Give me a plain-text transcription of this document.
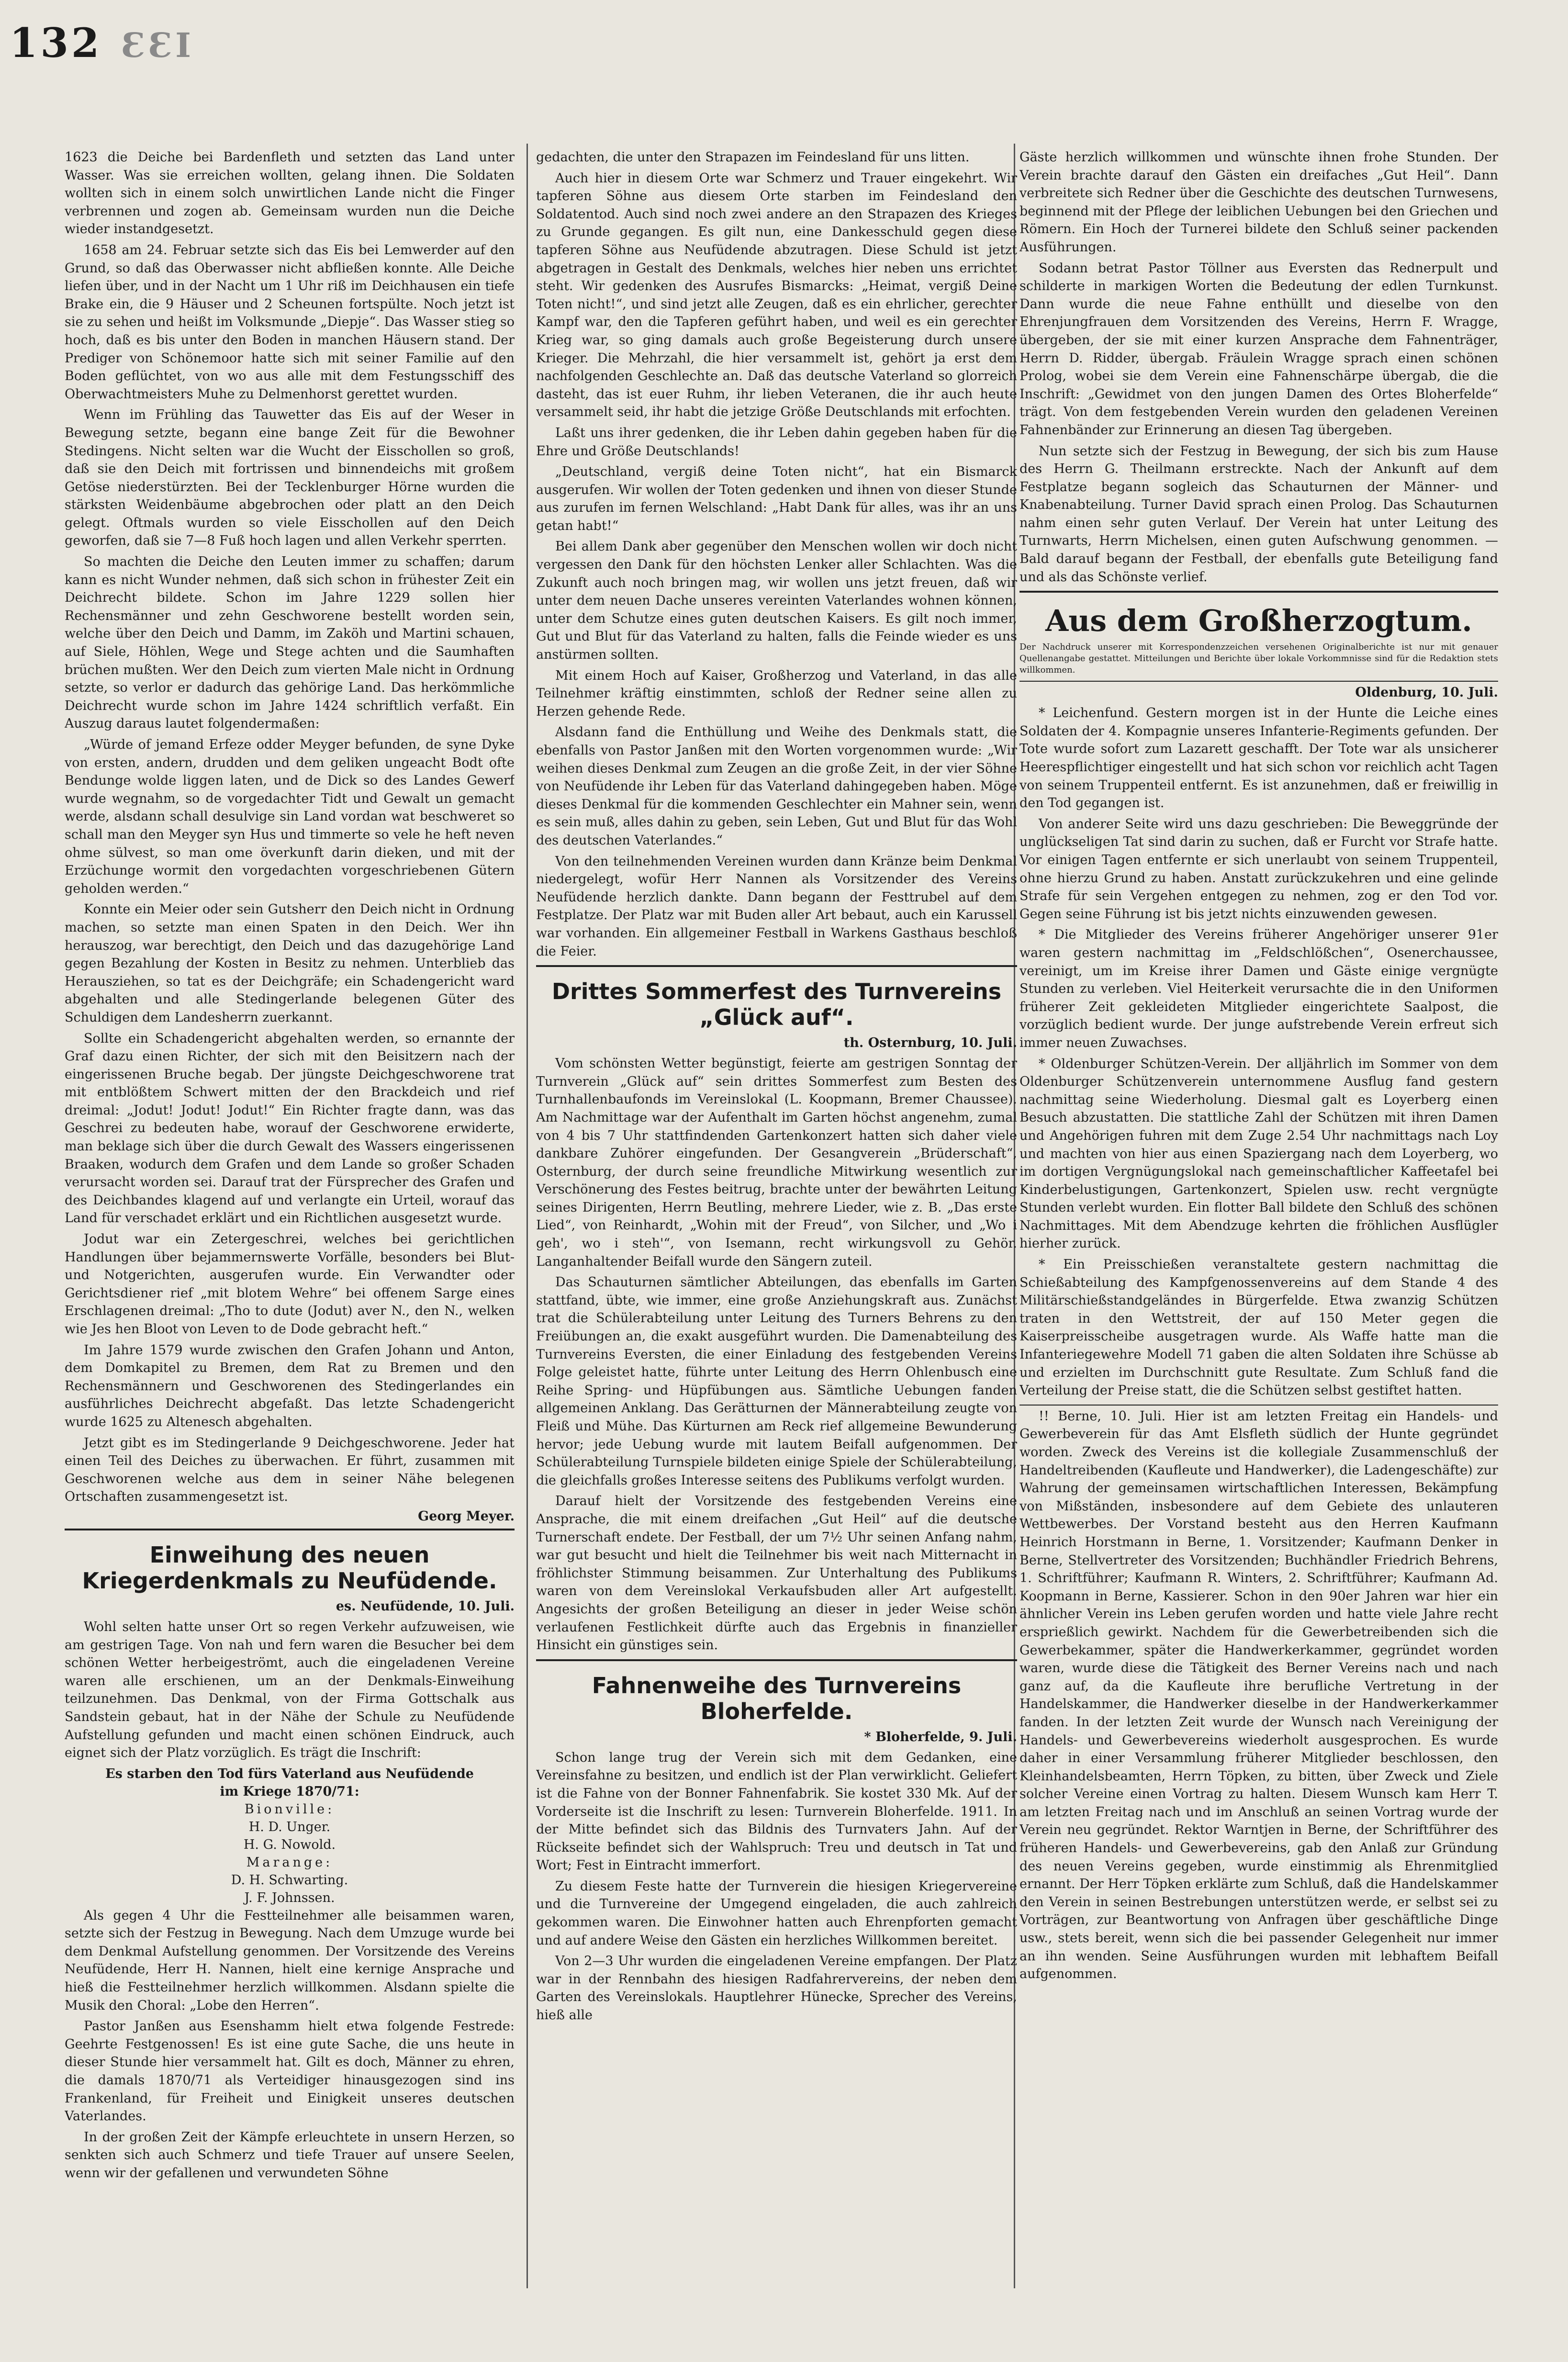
132 ƐƐI

1623 die Deiche bei Bardenfleth und setzten das Land unter Wasser. Was sie erreichen wollten, gelang ihnen. Die Soldaten wollten sich in einem solch unwirtlichen Lande nicht die Finger verbrennen und zogen ab. Gemeinsam wurden nun die Deiche wieder instandgesetzt.

1658 am 24. Februar setzte sich das Eis bei Lemwerder auf den Grund, so daß das Oberwasser nicht abfließen konnte. Alle Deiche liefen über, und in der Nacht um 1 Uhr riß im Deichhausen ein tiefe Brake ein, die 9 Häuser und 2 Scheunen fortspülte. Noch jetzt ist sie zu sehen und heißt im Volksmunde „Diepje“. Das Wasser stieg so hoch, daß es bis unter den Boden in manchen Häusern stand. Der Prediger von Schönemoor hatte sich mit seiner Familie auf den Boden geflüchtet, von wo aus alle mit dem Festungsschiff des Oberwachtmeisters Muhe zu Delmenhorst gerettet wurden.

Wenn im Frühling das Tauwetter das Eis auf der Weser in Bewegung setzte, begann eine bange Zeit für die Bewohner Stedingens. Nicht selten war die Wucht der Eisschollen so groß, daß sie den Deich mit fortrissen und binnendeichs mit großem Getöse niederstürzten. Bei der Tecklenburger Hörne wurden die stärksten Weidenbäume abgebrochen oder platt an den Deich gelegt. Oftmals wurden so viele Eisschollen auf den Deich geworfen, daß sie 7—8 Fuß hoch lagen und allen Verkehr sperrten.

So machten die Deiche den Leuten immer zu schaffen; darum kann es nicht Wunder nehmen, daß sich schon in frühester Zeit ein Deichrecht bildete. Schon im Jahre 1229 sollen hier Rechensmänner und zehn Geschworene bestellt worden sein, welche über den Deich und Damm, im Zaköh und Martini schauen, auf Siele, Höhlen, Wege und Stege achten und die Saumhaften brüchen mußten. Wer den Deich zum vierten Male nicht in Ordnung setzte, so verlor er dadurch das gehörige Land. Das herkömmliche Deichrecht wurde schon im Jahre 1424 schriftlich verfaßt. Ein Auszug daraus lautet folgendermaßen:

„Würde of jemand Erfeze odder Meyger befunden, de syne Dyke von ersten, andern, drudden und dem geliken ungeacht Bodt ofte Bendunge wolde liggen laten, und de Dick so des Landes Gewerf wurde wegnahm, so de vorgedachter Tidt und Gewalt un gemacht werde, alsdann schall desulvige sin Land vordan wat beschweret so schall man den Meyger syn Hus und timmerte so vele he heft neven ohme sülvest, so man ome överkunft darin dieken, und mit der Erzüchunge wormit den vorgedachten vorgeschriebenen Gütern geholden werden.“

Konnte ein Meier oder sein Gutsherr den Deich nicht in Ordnung machen, so setzte man einen Spaten in den Deich. Wer ihn herauszog, war berechtigt, den Deich und das dazugehörige Land gegen Bezahlung der Kosten in Besitz zu nehmen. Unterblieb das Herausziehen, so tat es der Deichgräfe; ein Schadengericht ward abgehalten und alle Stedingerlande belegenen Güter des Schuldigen dem Landesherrn zuerkannt.

Sollte ein Schadengericht abgehalten werden, so ernannte der Graf dazu einen Richter, der sich mit den Beisitzern nach der eingerissenen Bruche begab. Der jüngste Deichgeschworene trat mit entblößtem Schwert mitten der den Brackdeich und rief dreimal: „Jodut! Jodut! Jodut!“ Ein Richter fragte dann, was das Geschrei zu bedeuten habe, worauf der Geschworene erwiderte, man beklage sich über die durch Gewalt des Wassers eingerissenen Braaken, wodurch dem Grafen und dem Lande so großer Schaden verursacht worden sei. Darauf trat der Fürsprecher des Grafen und des Deichbandes klagend auf und verlangte ein Urteil, worauf das Land für verschadet erklärt und ein Richtlichen ausgesetzt wurde.

Jodut war ein Zetergeschrei, welches bei gerichtlichen Handlungen über bejammernswerte Vorfälle, besonders bei Blut- und Notgerichten, ausgerufen wurde. Ein Verwandter oder Gerichtsdiener rief „mit blotem Wehre“ bei offenem Sarge eines Erschlagenen dreimal: „Tho to dute (Jodut) aver N., den N., welken wie Jes hen Bloot von Leven to de Dode gebracht heft.“

Im Jahre 1579 wurde zwischen den Grafen Johann und Anton, dem Domkapitel zu Bremen, dem Rat zu Bremen und den Rechensmännern und Geschworenen des Stedingerlandes ein ausführliches Deichrecht abgefaßt. Das letzte Schadengericht wurde 1625 zu Altenesch abgehalten.

Jetzt gibt es im Stedingerlande 9 Deichgeschworene. Jeder hat einen Teil des Deiches zu überwachen. Er führt, zusammen mit Geschworenen welche aus dem in seiner Nähe belegenen Ortschaften zusammengesetzt ist.

Georg Meyer.
Einweihung des neuen Kriegerdenkmals zu Neufüdende.
es. Neufüdende, 10. Juli.

Wohl selten hatte unser Ort so regen Verkehr aufzuweisen, wie am gestrigen Tage. Von nah und fern waren die Besucher bei dem schönen Wetter herbeigeströmt, auch die eingeladenen Vereine waren alle erschienen, um an der Denkmals-Einweihung teilzunehmen. Das Denkmal, von der Firma Gottschalk aus Sandstein gebaut, hat in der Nähe der Schule zu Neufüdende Aufstellung gefunden und macht einen schönen Eindruck, auch eignet sich der Platz vorzüglich. Es trägt die Inschrift:

Es starben den Tod fürs Vaterland aus Neufüdende

im Kriege 1870/71:

Bionville:

H. D. Unger.

H. G. Nowold.

Marange:

D. H. Schwarting.

J. F. Johnssen.

Als gegen 4 Uhr die Festteilnehmer alle beisammen waren, setzte sich der Festzug in Bewegung. Nach dem Umzuge wurde bei dem Denkmal Aufstellung genommen. Der Vorsitzende des Vereins Neufüdende, Herr H. Nannen, hielt eine kernige Ansprache und hieß die Festteilnehmer herzlich willkommen. Alsdann spielte die Musik den Choral: „Lobe den Herren“.

Pastor Janßen aus Esenshamm hielt etwa folgende Festrede: Geehrte Festgenossen! Es ist eine gute Sache, die uns heute in dieser Stunde hier versammelt hat. Gilt es doch, Männer zu ehren, die damals 1870/71 als Verteidiger hinausgezogen sind ins Frankenland, für Freiheit und Einigkeit unseres deutschen Vaterlandes.

In der großen Zeit der Kämpfe erleuchtete in unsern Herzen, so senkten sich auch Schmerz und tiefe Trauer auf unsere Seelen, wenn wir der gefallenen und verwundeten Söhne

gedachten, die unter den Strapazen im Feindesland für uns litten.

Auch hier in diesem Orte war Schmerz und Trauer eingekehrt. Wir tapferen Söhne aus diesem Orte starben im Feindesland den Soldatentod. Auch sind noch zwei andere an den Strapazen des Krieges zu Grunde gegangen. Es gilt nun, eine Dankesschuld gegen diese tapferen Söhne aus Neufüdende abzutragen. Diese Schuld ist jetzt abgetragen in Gestalt des Denkmals, welches hier neben uns errichtet steht. Wir gedenken des Ausrufes Bismarcks: „Heimat, vergiß Deine Toten nicht!“, und sind jetzt alle Zeugen, daß es ein ehrlicher, gerechter Kampf war, den die Tapferen geführt haben, und weil es ein gerechter Krieg war, so ging damals auch große Begeisterung durch unsere Krieger. Die Mehrzahl, die hier versammelt ist, gehört ja erst dem nachfolgenden Geschlechte an. Daß das deutsche Vaterland so glorreich dasteht, das ist euer Ruhm, ihr lieben Veteranen, die ihr auch heute versammelt seid, ihr habt die jetzige Größe Deutschlands mit erfochten.

Laßt uns ihrer gedenken, die ihr Leben dahin gegeben haben für die Ehre und Größe Deutschlands!

„Deutschland, vergiß deine Toten nicht“, hat ein Bismarck ausgerufen. Wir wollen der Toten gedenken und ihnen von dieser Stunde aus zurufen im fernen Welschland: „Habt Dank für alles, was ihr an uns getan habt!“

Bei allem Dank aber gegenüber den Menschen wollen wir doch nicht vergessen den Dank für den höchsten Lenker aller Schlachten. Was die Zukunft auch noch bringen mag, wir wollen uns jetzt freuen, daß wir unter dem neuen Dache unseres vereinten Vaterlandes wohnen können, unter dem Schutze eines guten deutschen Kaisers. Es gilt noch immer, Gut und Blut für das Vaterland zu halten, falls die Feinde wieder es uns anstürmen sollten.

Mit einem Hoch auf Kaiser, Großherzog und Vaterland, in das alle Teilnehmer kräftig einstimmten, schloß der Redner seine allen zu Herzen gehende Rede.

Alsdann fand die Enthüllung und Weihe des Denkmals statt, die ebenfalls von Pastor Janßen mit den Worten vorgenommen wurde: „Wir weihen dieses Denkmal zum Zeugen an die große Zeit, in der vier Söhne von Neufüdende ihr Leben für das Vaterland dahingegeben haben. Möge dieses Denkmal für die kommenden Geschlechter ein Mahner sein, wenn es sein muß, alles dahin zu geben, sein Leben, Gut und Blut für das Wohl des deutschen Vaterlandes.“

Von den teilnehmenden Vereinen wurden dann Kränze beim Denkmal niedergelegt, wofür Herr Nannen als Vorsitzender des Vereins Neufüdende herzlich dankte. Dann begann der Festtrubel auf dem Festplatze. Der Platz war mit Buden aller Art bebaut, auch ein Karussell war vorhanden. Ein allgemeiner Festball in Warkens Gasthaus beschloß die Feier.

Drittes Sommerfest des Turnvereins „Glück auf“.
th. Osternburg, 10. Juli.

Vom schönsten Wetter begünstigt, feierte am gestrigen Sonntag der Turnverein „Glück auf“ sein drittes Sommerfest zum Besten des Turnhallenbaufonds im Vereinslokal (L. Koopmann, Bremer Chaussee). Am Nachmittage war der Aufenthalt im Garten höchst angenehm, zumal von 4 bis 7 Uhr stattfindenden Gartenkonzert hatten sich daher viele dankbare Zuhörer eingefunden. Der Gesangverein „Brüderschaft“, Osternburg, der durch seine freundliche Mitwirkung wesentlich zur Verschönerung des Festes beitrug, brachte unter der bewährten Leitung seines Dirigenten, Herrn Beutling, mehrere Lieder, wie z. B. „Das erste Lied“, von Reinhardt, „Wohin mit der Freud“, von Silcher, und „Wo i geh', wo i steh'“, von Isemann, recht wirkungsvoll zu Gehör. Langanhaltender Beifall wurde den Sängern zuteil.

Das Schauturnen sämtlicher Abteilungen, das ebenfalls im Garten stattfand, übte, wie immer, eine große Anziehungskraft aus. Zunächst trat die Schülerabteilung unter Leitung des Turners Behrens zu den Freiübungen an, die exakt ausgeführt wurden. Die Damenabteilung des Turnvereins Eversten, die einer Einladung des festgebenden Vereins Folge geleistet hatte, führte unter Leitung des Herrn Ohlenbusch eine Reihe Spring- und Hüpfübungen aus. Sämtliche Uebungen fanden allgemeinen Anklang. Das Gerätturnen der Männerabteilung zeugte von Fleiß und Mühe. Das Kürturnen am Reck rief allgemeine Bewunderung hervor; jede Uebung wurde mit lautem Beifall aufgenommen. Der Schülerabteilung Turnspiele bildeten einige Spiele der Schülerabteilung, die gleichfalls großes Interesse seitens des Publikums verfolgt wurden.

Darauf hielt der Vorsitzende des festgebenden Vereins eine Ansprache, die mit einem dreifachen „Gut Heil“ auf die deutsche Turnerschaft endete. Der Festball, der um 7½ Uhr seinen Anfang nahm, war gut besucht und hielt die Teilnehmer bis weit nach Mitternacht in fröhlichster Stimmung beisammen. Zur Unterhaltung des Publikums waren von dem Vereinslokal Verkaufsbuden aller Art aufgestellt. Angesichts der großen Beteiligung an dieser in jeder Weise schön verlaufenen Festlichkeit dürfte auch das Ergebnis in finanzieller Hinsicht ein günstiges sein.

Fahnenweihe des Turnvereins Bloherfelde.
* Bloherfelde, 9. Juli.

Schon lange trug der Verein sich mit dem Gedanken, eine Vereinsfahne zu besitzen, und endlich ist der Plan verwirklicht. Geliefert ist die Fahne von der Bonner Fahnenfabrik. Sie kostet 330 Mk. Auf der Vorderseite ist die Inschrift zu lesen: Turnverein Bloherfelde. 1911. In der Mitte befindet sich das Bildnis des Turnvaters Jahn. Auf der Rückseite befindet sich der Wahlspruch: Treu und deutsch in Tat und Wort; Fest in Eintracht immerfort.

Zu diesem Feste hatte der Turnverein die hiesigen Kriegervereine und die Turnvereine der Umgegend eingeladen, die auch zahlreich gekommen waren. Die Einwohner hatten auch Ehrenpforten gemacht und auf andere Weise den Gästen ein herzliches Willkommen bereitet.

Von 2—3 Uhr wurden die eingeladenen Vereine empfangen. Der Platz war in der Rennbahn des hiesigen Radfahrervereins, der neben dem Garten des Vereinslokals. Hauptlehrer Hünecke, Sprecher des Vereins, hieß alle

Gäste herzlich willkommen und wünschte ihnen frohe Stunden. Der Verein brachte darauf den Gästen ein dreifaches „Gut Heil“. Dann verbreitete sich Redner über die Geschichte des deutschen Turnwesens, beginnend mit der Pflege der leiblichen Uebungen bei den Griechen und Römern. Ein Hoch der Turnerei bildete den Schluß seiner packenden Ausführungen.

Sodann betrat Pastor Töllner aus Eversten das Rednerpult und schilderte in markigen Worten die Bedeutung der edlen Turnkunst. Dann wurde die neue Fahne enthüllt und dieselbe von den Ehrenjungfrauen dem Vorsitzenden des Vereins, Herrn F. Wragge, übergeben, der sie mit einer kurzen Ansprache dem Fahnenträger, Herrn D. Ridder, übergab. Fräulein Wragge sprach einen schönen Prolog, wobei sie dem Verein eine Fahnenschärpe übergab, die die Inschrift: „Gewidmet von den jungen Damen des Ortes Bloherfelde“ trägt. Von dem festgebenden Verein wurden den geladenen Vereinen Fahnenbänder zur Erinnerung an diesen Tag übergeben.

Nun setzte sich der Festzug in Bewegung, der sich bis zum Hause des Herrn G. Theilmann erstreckte. Nach der Ankunft auf dem Festplatze begann sogleich das Schauturnen der Männer- und Knabenabteilung. Turner David sprach einen Prolog. Das Schauturnen nahm einen sehr guten Verlauf. Der Verein hat unter Leitung des Turnwarts, Herrn Michelsen, einen guten Aufschwung genommen. — Bald darauf begann der Festball, der ebenfalls gute Beteiligung fand und als das Schönste verlief.

Aus dem Großherzogtum.

Der Nachdruck unserer mit Korrespondenzzeichen versehenen Originalberichte ist nur mit genauer Quellenangabe gestattet. Mitteilungen und Berichte über lokale Vorkommnisse sind für die Redaktion stets willkommen.

Oldenburg, 10. Juli.

* Leichenfund. Gestern morgen ist in der Hunte die Leiche eines Soldaten der 4. Kompagnie unseres Infanterie-Regiments gefunden. Der Tote wurde sofort zum Lazarett geschafft. Der Tote war als unsicherer Heerespflichtiger eingestellt und hat sich schon vor reichlich acht Tagen von seinem Truppenteil entfernt. Es ist anzunehmen, daß er freiwillig in den Tod gegangen ist.

Von anderer Seite wird uns dazu geschrieben: Die Beweggründe der unglückseligen Tat sind darin zu suchen, daß er Furcht vor Strafe hatte. Vor einigen Tagen entfernte er sich unerlaubt von seinem Truppenteil, ohne hierzu Grund zu haben. Anstatt zurückzukehren und eine gelinde Strafe für sein Vergehen entgegen zu nehmen, zog er den Tod vor. Gegen seine Führung ist bis jetzt nichts einzuwenden gewesen.

* Die Mitglieder des Vereins früherer Angehöriger unserer 91er waren gestern nachmittag im „Feldschlößchen“, Osenerchaussee, vereinigt, um im Kreise ihrer Damen und Gäste einige vergnügte Stunden zu verleben. Viel Heiterkeit verursachte die in den Uniformen früherer Zeit gekleideten Mitglieder eingerichtete Saalpost, die vorzüglich bedient wurde. Der junge aufstrebende Verein erfreut sich immer neuen Zuwachses.

* Oldenburger Schützen-Verein. Der alljährlich im Sommer von dem Oldenburger Schützenverein unternommene Ausflug fand gestern nachmittag seine Wiederholung. Diesmal galt es Loyerberg einen Besuch abzustatten. Die stattliche Zahl der Schützen mit ihren Damen und Angehörigen fuhren mit dem Zuge 2.54 Uhr nachmittags nach Loy und machten von hier aus einen Spaziergang nach dem Loyerberg, wo im dortigen Vergnügungslokal nach gemeinschaftlicher Kaffeetafel bei Kinderbelustigungen, Gartenkonzert, Spielen usw. recht vergnügte Stunden verlebt wurden. Ein flotter Ball bildete den Schluß des schönen Nachmittages. Mit dem Abendzuge kehrten die fröhlichen Ausflügler hierher zurück.

* Ein Preisschießen veranstaltete gestern nachmittag die Schießabteilung des Kampfgenossenvereins auf dem Stande 4 des Militärschießstandgeländes in Bürgerfelde. Etwa zwanzig Schützen traten in den Wettstreit, der auf 150 Meter gegen die Kaiserpreisscheibe ausgetragen wurde. Als Waffe hatte man die Infanteriegewehre Modell 71 gaben die alten Soldaten ihre Schüsse ab und erzielten im Durchschnitt gute Resultate. Zum Schluß fand die Verteilung der Preise statt, die die Schützen selbst gestiftet hatten.

!! Berne, 10. Juli. Hier ist am letzten Freitag ein Handels- und Gewerbeverein für das Amt Elsfleth südlich der Hunte gegründet worden. Zweck des Vereins ist die kollegiale Zusammenschluß der Handeltreibenden (Kaufleute und Handwerker), die Ladengeschäfte) zur Wahrung der gemeinsamen wirtschaftlichen Interessen, Bekämpfung von Mißständen, insbesondere auf dem Gebiete des unlauteren Wettbewerbes. Der Vorstand besteht aus den Herren Kaufmann Heinrich Horstmann in Berne, 1. Vorsitzender; Kaufmann Denker in Berne, Stellvertreter des Vorsitzenden; Buchhändler Friedrich Behrens, 1. Schriftführer; Kaufmann R. Winters, 2. Schriftführer; Kaufmann Ad. Koopmann in Berne, Kassierer. Schon in den 90er Jahren war hier ein ähnlicher Verein ins Leben gerufen worden und hatte viele Jahre recht ersprießlich gewirkt. Nachdem für die Gewerbetreibenden sich die Gewerbekammer, später die Handwerkerkammer, gegründet worden waren, wurde diese die Tätigkeit des Berner Vereins nach und nach ganz auf, da die Kaufleute ihre berufliche Vertretung in der Handelskammer, die Handwerker dieselbe in der Handwerkerkammer fanden. In der letzten Zeit wurde der Wunsch nach Vereinigung der Handels- und Gewerbevereins wiederholt ausgesprochen. Es wurde daher in einer Versammlung früherer Mitglieder beschlossen, den Kleinhandelsbeamten, Herrn Töpken, zu bitten, über Zweck und Ziele solcher Vereine einen Vortrag zu halten. Diesem Wunsch kam Herr T. am letzten Freitag nach und im Anschluß an seinen Vortrag wurde der Verein neu gegründet. Rektor Warntjen in Berne, der Schriftführer des früheren Handels- und Gewerbevereins, gab den Anlaß zur Gründung des neuen Vereins gegeben, wurde einstimmig als Ehrenmitglied ernannt. Der Herr Töpken erklärte zum Schluß, daß die Handelskammer den Verein in seinen Bestrebungen unterstützen werde, er selbst sei zu Vorträgen, zur Beantwortung von Anfragen über geschäftliche Dinge usw., stets bereit, wenn sich die bei passender Gelegenheit nur immer an ihn wenden. Seine Ausführungen wurden mit lebhaftem Beifall aufgenommen.
